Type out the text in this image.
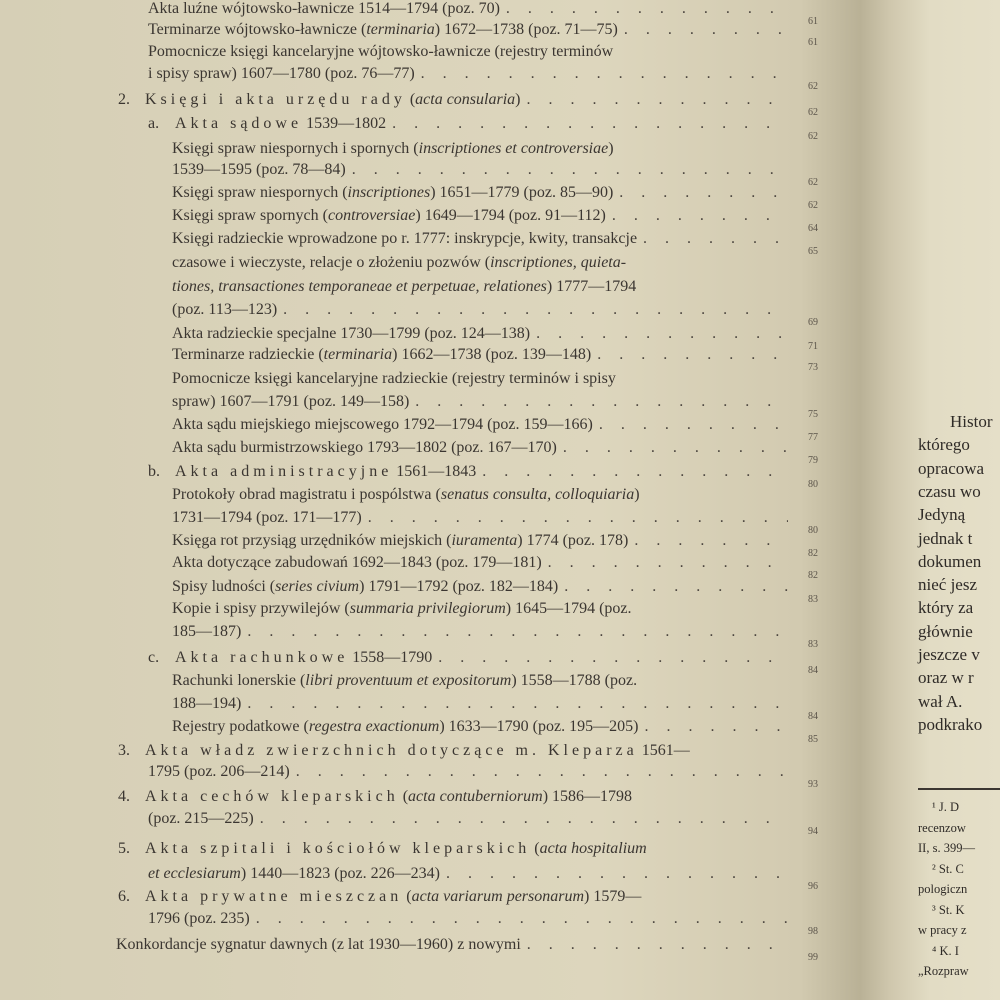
Akta luźne wójtowsko-ławnicze 1514—1794 (poz. 70)
. . .
61
Terminarze wójtowsko-ławnicze (terminaria) 1672—1738 (poz. 71—75)
. . .
61
Pomocnicze księgi kancelaryjne wójtowsko-ławnicze (rejestry terminów
i spisy spraw) 1607—1780 (poz. 76—77)
. . .
62
2. Księgi i akta urzędu rady (acta consularia)
. . .
62
a. Akta sądowe 1539—1802
. . .
62
Księgi spraw niespornych i spornych (inscriptiones et controversiae)
1539—1595 (poz. 78—84)
. . .
62
Księgi spraw niespornych (inscriptiones) 1651—1779 (poz. 85—90)
. . .
62
Księgi spraw spornych (controversiae) 1649—1794 (poz. 91—112)
. . .
64
Księgi radzieckie wprowadzone po r. 1777: inskrypcje, kwity, transakcje
. . .
65
czasowe i wieczyste, relacje o złożeniu pozwów (inscriptiones, quieta-
tiones, transactiones temporaneae et perpetuae, relationes) 1777—1794
(poz. 113—123)
. . .
69
Akta radzieckie specjalne 1730—1799 (poz. 124—138)
. . .
71
Terminarze radzieckie (terminaria) 1662—1738 (poz. 139—148)
. . .
73
Pomocnicze księgi kancelaryjne radzieckie (rejestry terminów i spisy
spraw) 1607—1791 (poz. 149—158)
. . .
75
Akta sądu miejskiego miejscowego 1792—1794 (poz. 159—166)
. . .
77
Akta sądu burmistrzowskiego 1793—1802 (poz. 167—170)
. . .
79
b. Akta administracyjne 1561—1843
. . .
80
Protokoły obrad magistratu i pospólstwa (senatus consulta, colloquiaria)
1731—1794 (poz. 171—177)
. . .
80
Księga rot przysiąg urzędników miejskich (iuramenta) 1774 (poz. 178)
. . .
82
Akta dotyczące zabudowań 1692—1843 (poz. 179—181)
. . .
82
Spisy ludności (series civium) 1791—1792 (poz. 182—184)
. . .
83
Kopie i spisy przywilejów (summaria privilegiorum) 1645—1794 (poz.
185—187)
. . .
83
c. Akta rachunkowe 1558—1790
. . .
84
Rachunki lonerskie (libri proventuum et expositorum) 1558—1788 (poz.
188—194)
. . .
84
Rejestry podatkowe (regestra exactionum) 1633—1790 (poz. 195—205)
. . .
85
3. Akta władz zwierzchnich dotyczące m. Kleparza 1561—
1795 (poz. 206—214)
. . .
93
4. Akta cechów kleparskich (acta contuberniorum) 1586—1798
(poz. 215—225)
. . .
94
5. Akta szpitali i kościołów kleparskich (acta hospitalium
et ecclesiarum) 1440—1823 (poz. 226—234)
. . .
96
6. Akta prywatne mieszczan (acta variarum personarum) 1579—
1796 (poz. 235)
. . .
98
Konkordancje sygnatur dawnych (z lat 1930—1960) z nowymi
. . .
99
Histor
którego
opracowa
czasu wo
Jedyną
jednak t
dokumen
nieć jesz
który za
głównie
jeszcze v
oraz w r
wał A.
podkrako
¹ J. D
recenzow
II, s. 399—
² St. C
pologiczn
³ St. K
w pracy z
⁴ K. I
„Rozpraw
